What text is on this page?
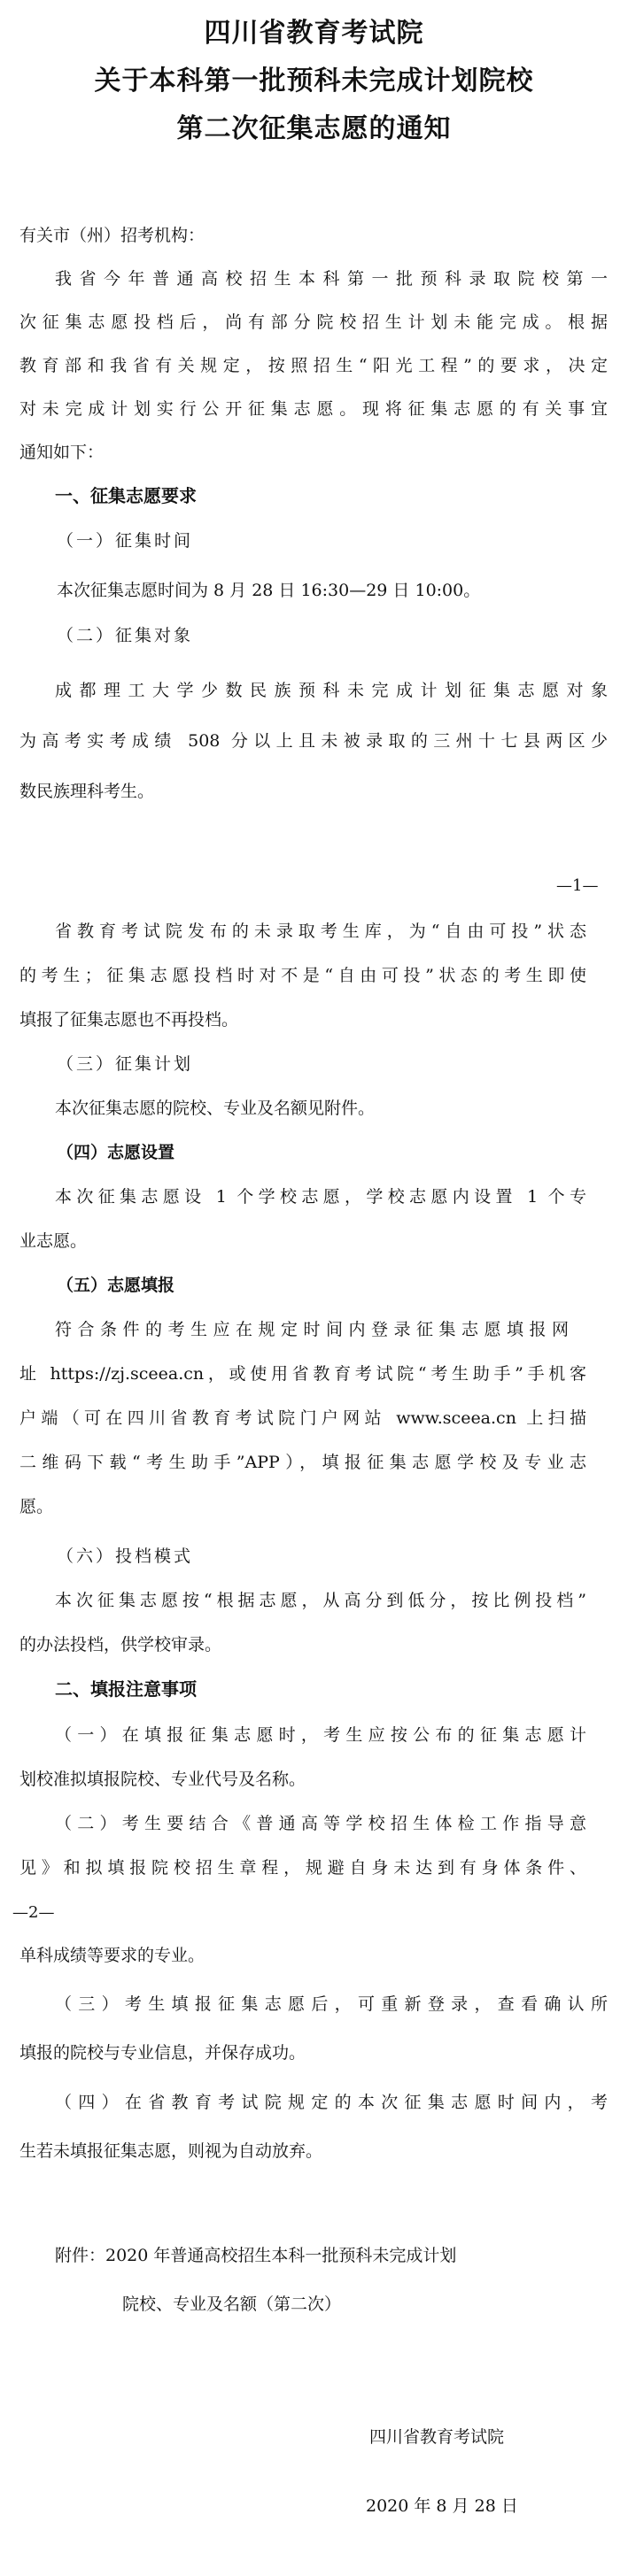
四川省教育考试院
关于本科第一批预科未完成计划院校
第二次征集志愿的通知
有关市（州）招考机构：
我省今年普通高校招生本科第一批预科录取院校第一
次征集志愿投档后，尚有部分院校招生计划未能完成。根据
教育部和我省有关规定，按照招生“阳光工程”的要求，决定
对未完成计划实行公开征集志愿。现将征集志愿的有关事宜
通知如下：
一、征集志愿要求
（一）征集时间
本次征集志愿时间为 8 月 28 日 16:30—29 日 10:00。
（二）征集对象
成都理工大学少数民族预科未完成计划征集志愿对象
为高考实考成绩 508 分以上且未被录取的三州十七县两区少
数民族理科考生。
—1—
省教育考试院发布的未录取考生库，为“自由可投”状态
的考生；征集志愿投档时对不是“自由可投”状态的考生即使
填报了征集志愿也不再投档。
（三）征集计划
本次征集志愿的院校、专业及名额见附件。
（四）志愿设置
本次征集志愿设 1 个学校志愿，学校志愿内设置 1 个专
业志愿。
（五）志愿填报
符合条件的考生应在规定时间内登录征集志愿填报网
址 https://zj.sceea.cn，或使用省教育考试院“考生助手”手机客
户端（可在四川省教育考试院门户网站 www.sceea.cn 上扫描
二维码下载“考生助手”APP），填报征集志愿学校及专业志
愿。
（六）投档模式
本次征集志愿按“根据志愿，从高分到低分，按比例投档”
的办法投档，供学校审录。
二、填报注意事项
（一）在填报征集志愿时，考生应按公布的征集志愿计
划校准拟填报院校、专业代号及名称。
（二）考生要结合《普通高等学校招生体检工作指导意
见》和拟填报院校招生章程，规避自身未达到有身体条件、
—2—
单科成绩等要求的专业。
（三）考生填报征集志愿后，可重新登录，查看确认所
填报的院校与专业信息，并保存成功。
（四）在省教育考试院规定的本次征集志愿时间内，考
生若未填报征集志愿，则视为自动放弃。
附件：2020 年普通高校招生本科一批预科未完成计划
院校、专业及名额（第二次）
四川省教育考试院
2020 年 8 月 28 日
